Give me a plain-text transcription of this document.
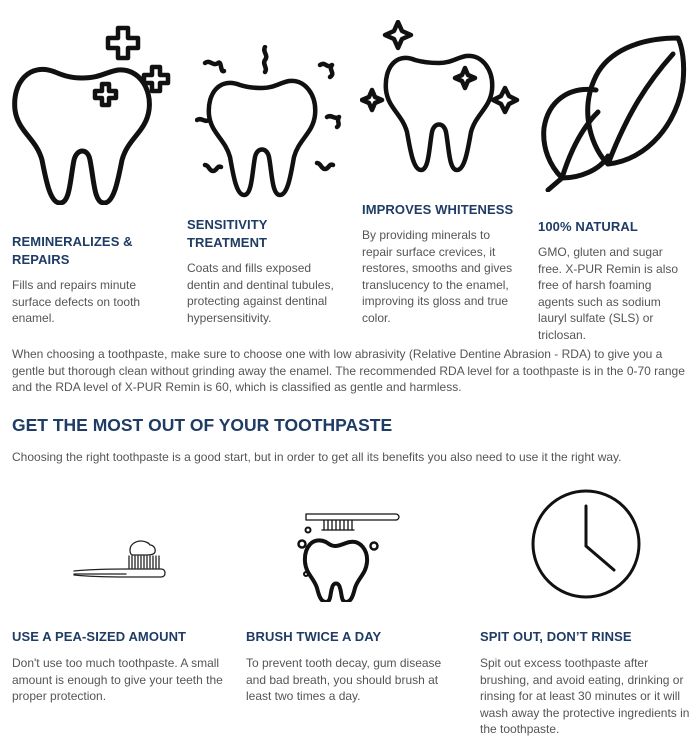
REMINERALIZES & REPAIRS
Fills and repairs minute surface defects on tooth enamel.
SENSITIVITY TREATMENT
Coats and fills exposed dentin and dentinal tubules, protecting against dentinal hypersensitivity.
IMPROVES WHITENESS
By providing minerals to repair surface crevices, it restores, smooths and gives translucency to the enamel, improving its gloss and true color.
100% NATURAL
GMO, gluten and sugar free. X-PUR Remin is also free of harsh foaming agents such as sodium lauryl sulfate (SLS) or triclosan.
When choosing a toothpaste, make sure to choose one with low abrasivity (Relative Dentine Abrasion - RDA) to give you a gentle but thorough clean without grinding away the enamel. The recommended RDA level for a toothpaste is in the 0-70 range and the RDA level of X-PUR Remin is 60, which is classified as gentle and harmless.
GET THE MOST OUT OF YOUR TOOTHPASTE
Choosing the right toothpaste is a good start, but in order to get all its benefits you also need to use it the right way.
USE A PEA-SIZED AMOUNT
Don't use too much toothpaste. A small amount is enough to give your teeth the proper protection.
BRUSH TWICE A DAY
To prevent tooth decay, gum disease and bad breath, you should brush at least two times a day.
SPIT OUT, DON’T RINSE
Spit out excess toothpaste after brushing, and avoid eating, drinking or rinsing for at least 30 minutes or it will wash away the protective ingredients in the toothpaste.
